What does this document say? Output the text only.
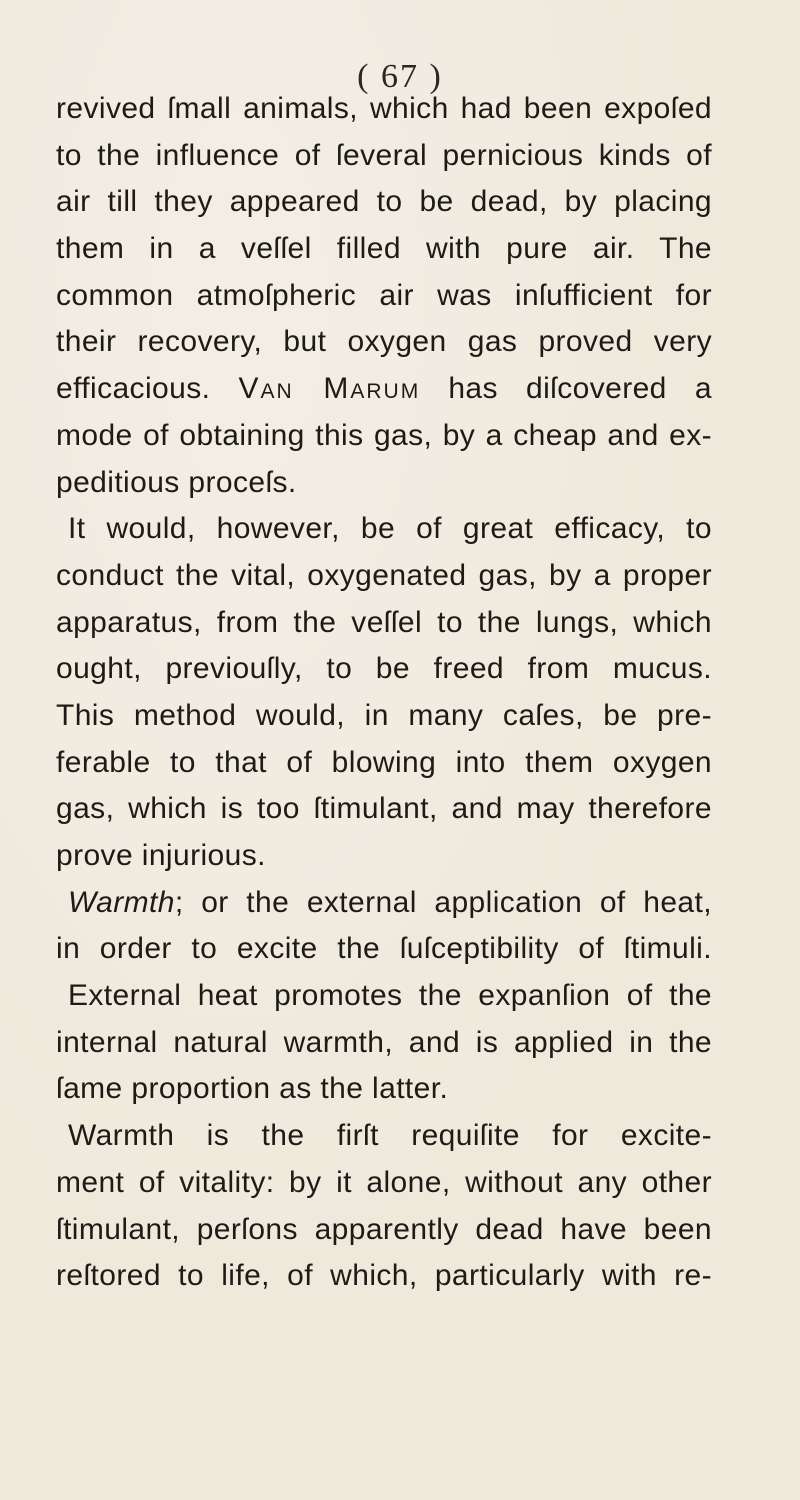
( 67 )
revived ſmall animals, which had been expoſed
to the influence of ſeveral pernicious kinds of
air till they appeared to be dead, by placing
them in a veſſel filled with pure air. The
common atmoſpheric air was inſufficient for
their recovery, but oxygen gas proved very
efficacious. Van Marum has diſcovered a
mode of obtaining this gas, by a cheap and ex-
peditious proceſs.
It would, however, be of great efficacy, to
conduct the vital, oxygenated gas, by a proper
apparatus, from the veſſel to the lungs, which
ought, previouſly, to be freed from mucus.
This method would, in many caſes, be pre-
ferable to that of blowing into them oxygen
gas, which is too ſtimulant, and may therefore
prove injurious.
Warmth; or the external application of heat,
in order to excite the ſuſceptibility of ſtimuli.
External heat promotes the expanſion of the
internal natural warmth, and is applied in the
ſame proportion as the latter.
Warmth is the firſt requiſite for excite-
ment of vitality: by it alone, without any other
ſtimulant, perſons apparently dead have been
reſtored to life, of which, particularly with re-
